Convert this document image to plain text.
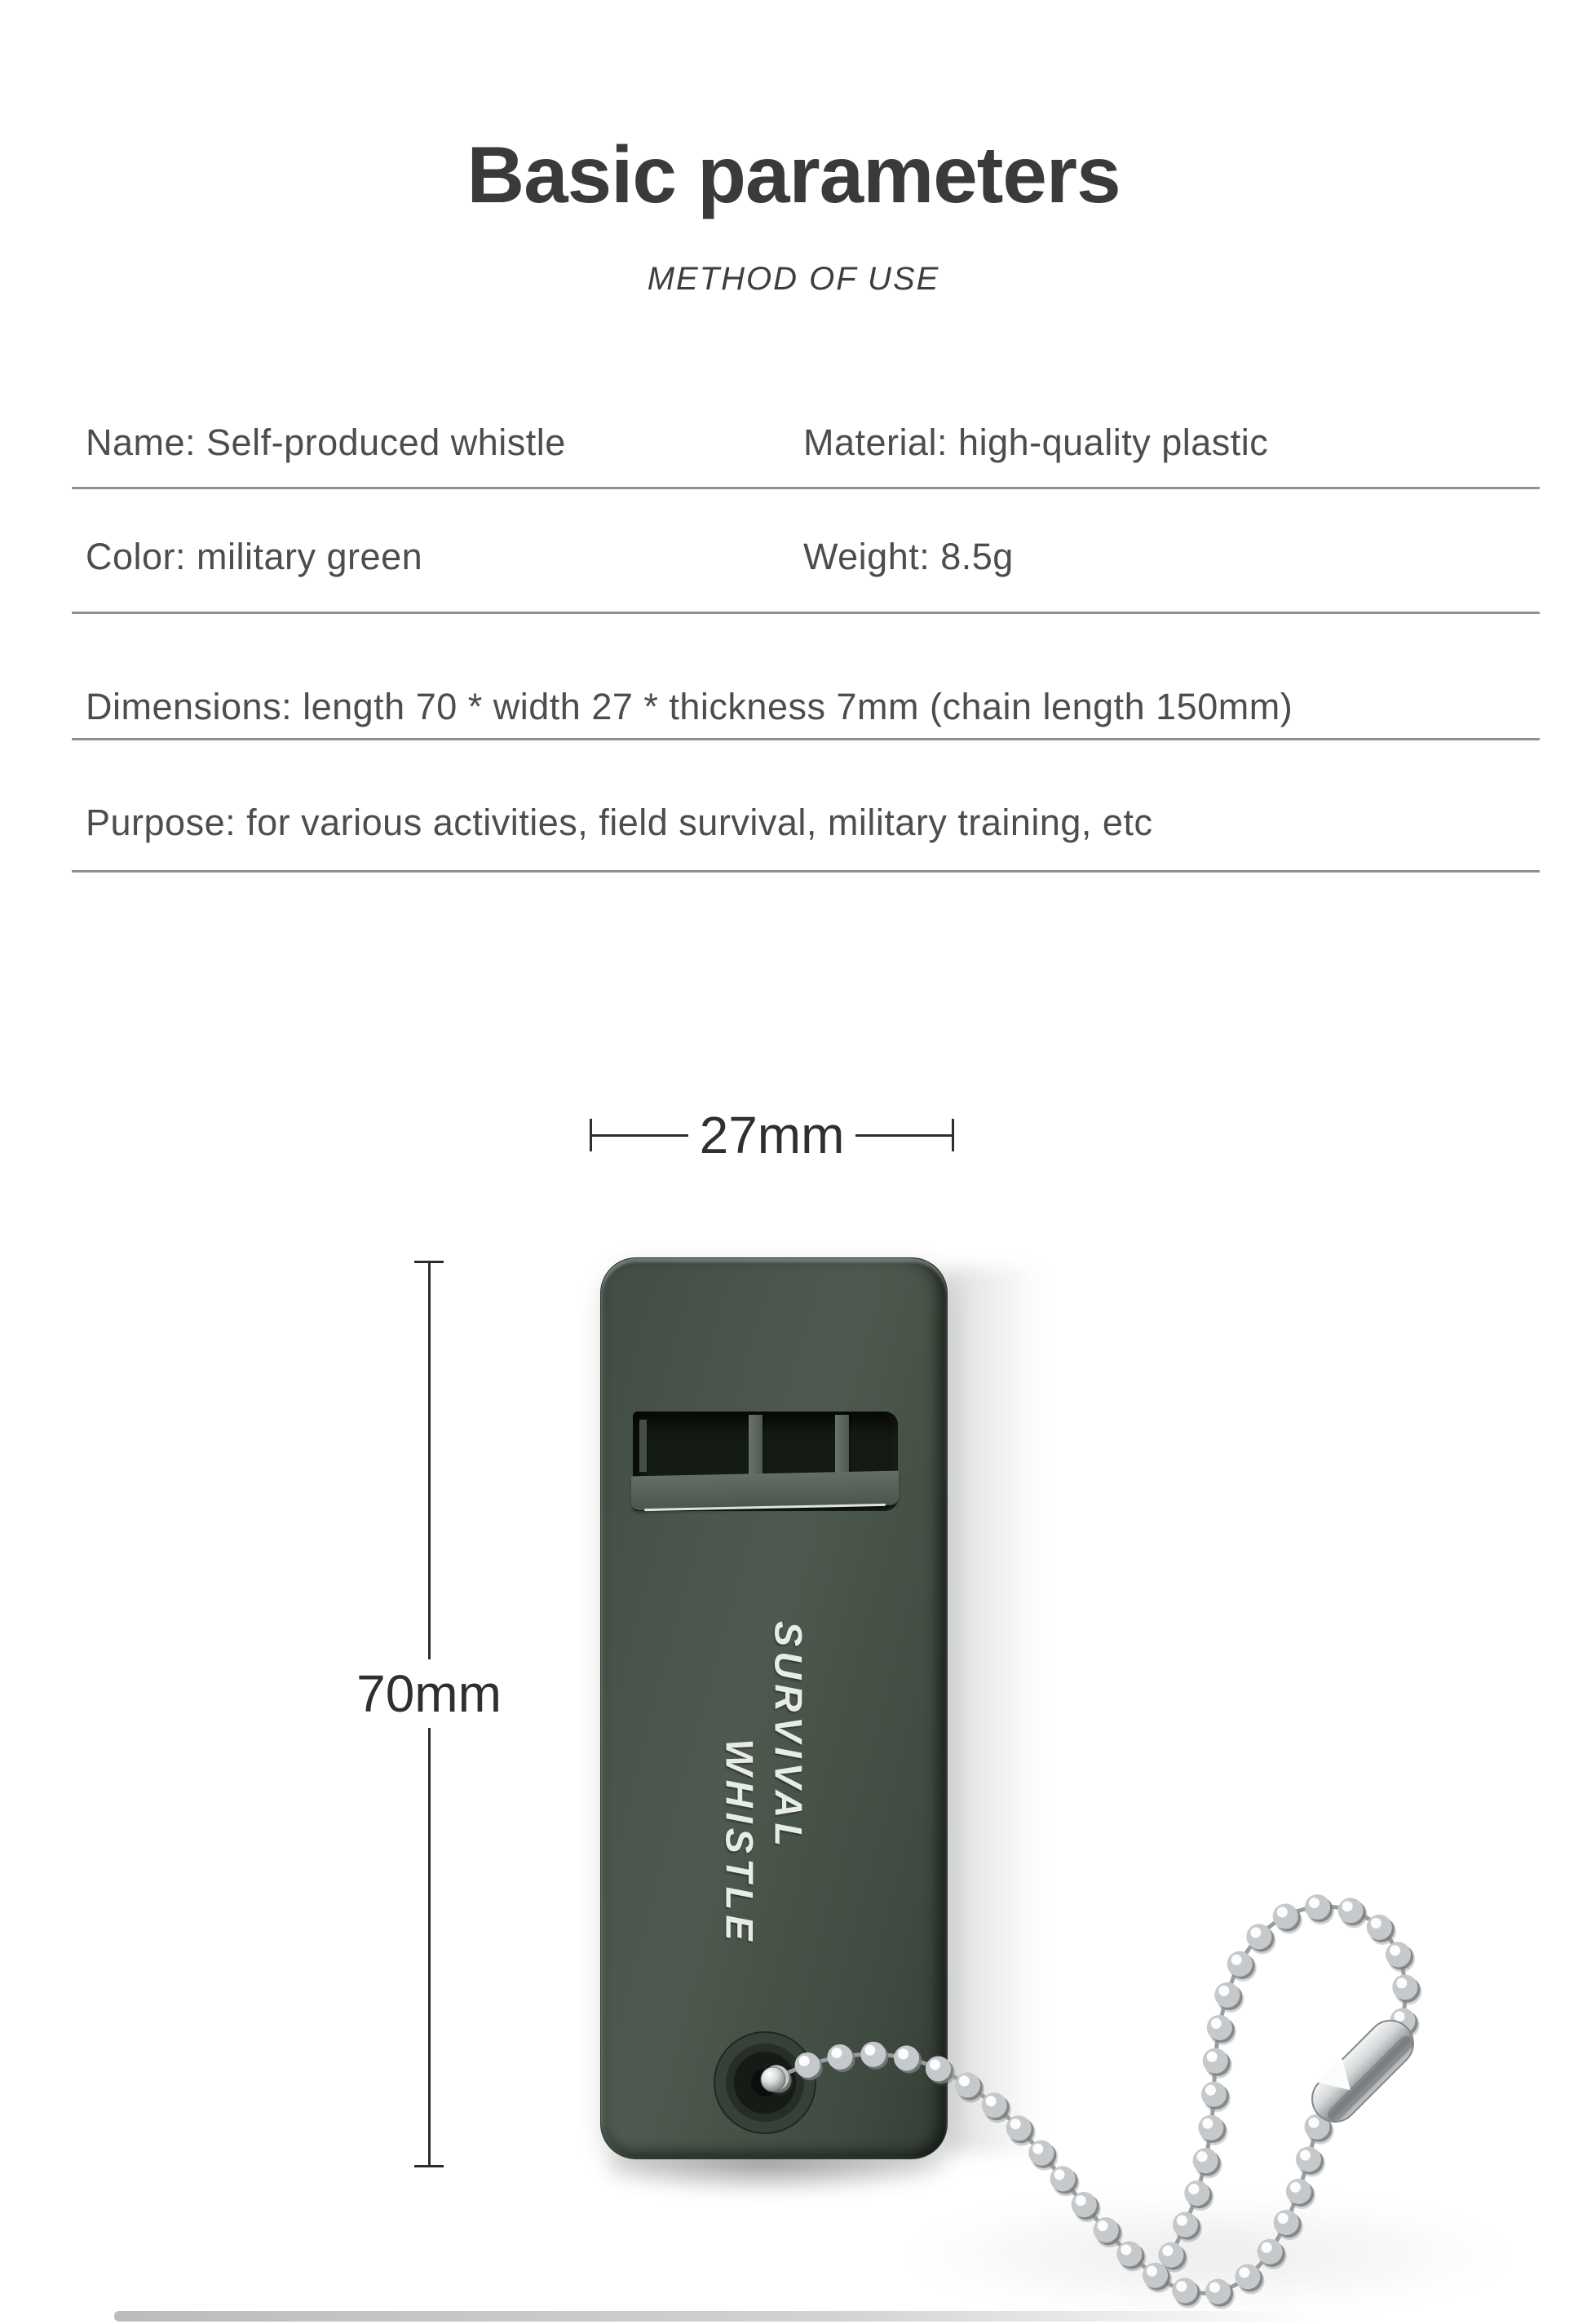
Basic parameters
METHOD OF USE
Name: Self-produced whistle	Material: high-quality plastic
Color: military green	Weight: 8.5g
Dimensions: length 70 * width 27 * thickness 7mm (chain length 150mm)
Purpose: for various activities, field survival, military training, etc
27mm
70mm	SURVIVAL
WHISTLE
